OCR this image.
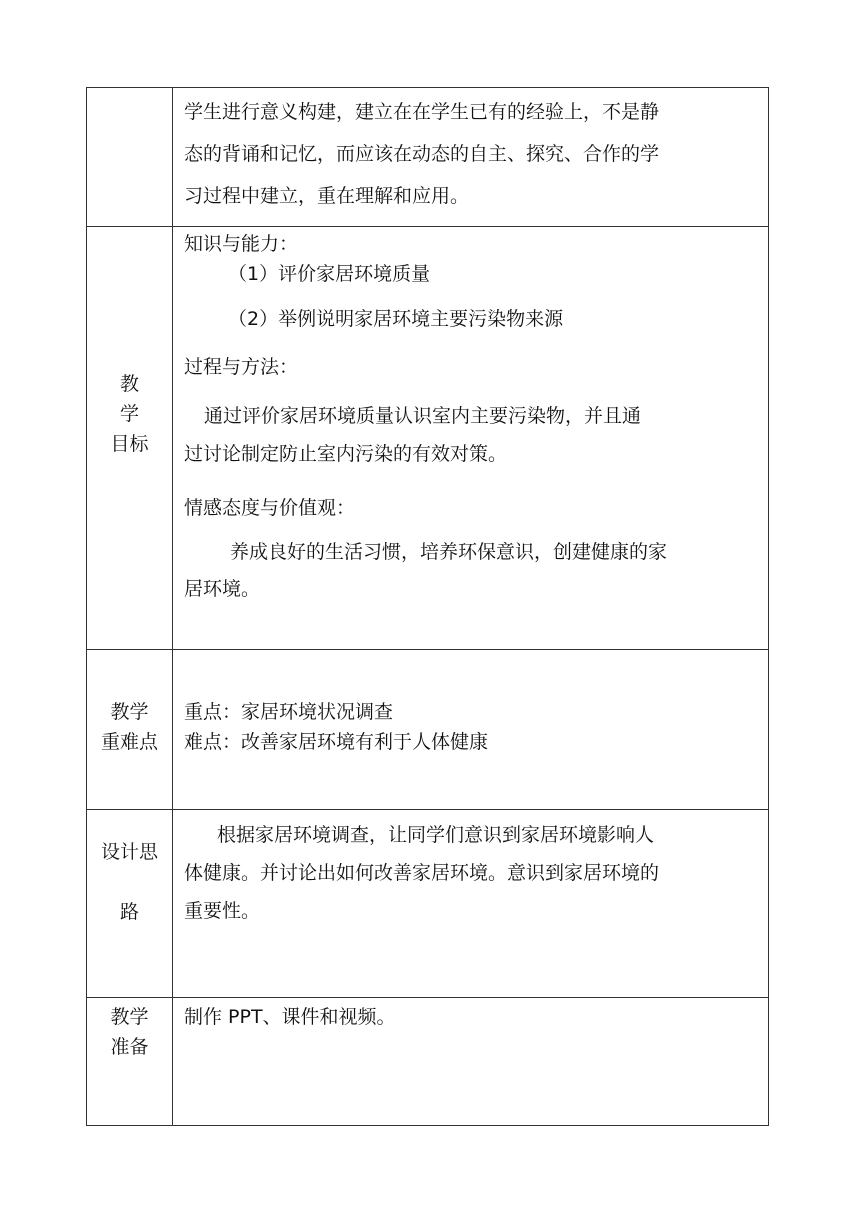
学生进行意义构建，建立在在学生已有的经验上，不是静

态的背诵和记忆，而应该在动态的自主、探究、合作的学

习过程中建立，重在理解和应用。

教
学
目标

知识与能力：

（1）评价家居环境质量

（2）举例说明家居环境主要污染物来源

过程与方法：

通过评价家居环境质量认识室内主要污染物，并且通

过讨论制定防止室内污染的有效对策。

情感态度与价值观：

养成良好的生活习惯，培养环保意识，创建健康的家

居环境。

教学
重难点

重点：家居环境状况调查

难点：改善家居环境有利于人体健康

设计思
路

根据家居环境调查，让同学们意识到家居环境影响人

体健康。并讨论出如何改善家居环境。意识到家居环境的

重要性。

教学
准备

制作 PPT、课件和视频。
